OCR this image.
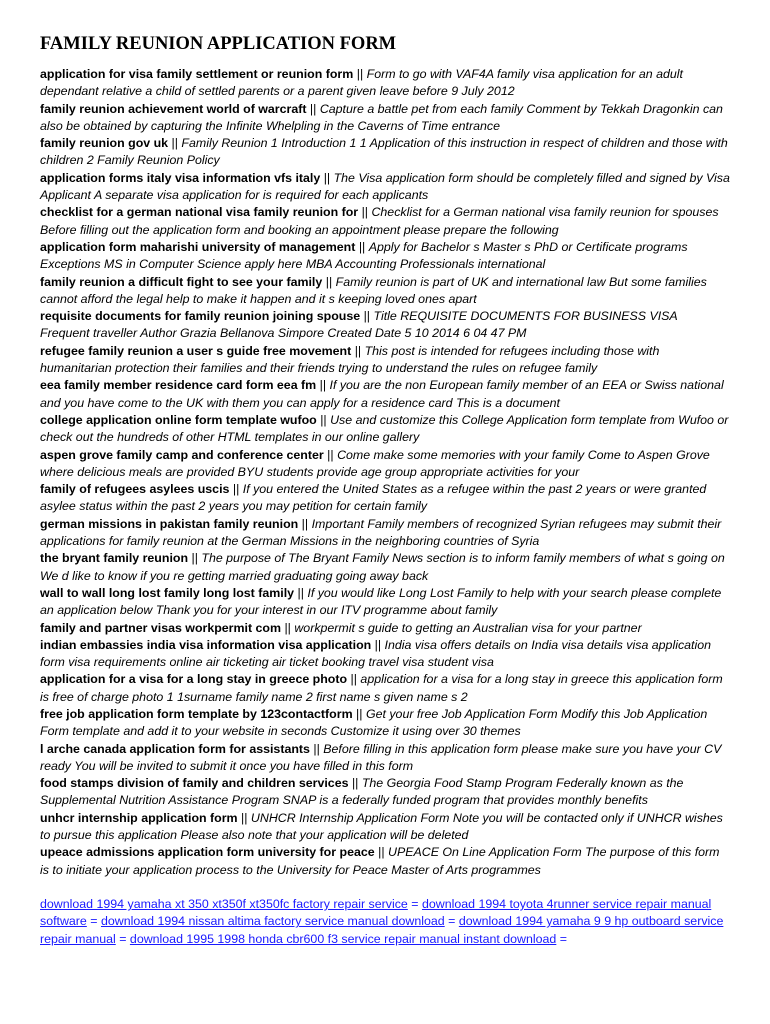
FAMILY REUNION APPLICATION FORM

application for visa family settlement or reunion form || Form to go with VAF4A family visa application for an adult dependant relative a child of settled parents or a parent given leave before 9 July 2012

family reunion achievement world of warcraft || Capture a battle pet from each family Comment by Tekkah Dragonkin can also be obtained by capturing the Infinite Whelpling in the Caverns of Time entrance

family reunion gov uk || Family Reunion 1 Introduction 1 1 Application of this instruction in respect of children and those with children 2 Family Reunion Policy

application forms italy visa information vfs italy || The Visa application form should be completely filled and signed by Visa Applicant A separate visa application for is required for each applicants

checklist for a german national visa family reunion for || Checklist for a German national visa family reunion for spouses Before filling out the application form and booking an appointment please prepare the following

application form maharishi university of management || Apply for Bachelor s Master s PhD or Certificate programs Exceptions MS in Computer Science apply here MBA Accounting Professionals international

family reunion a difficult fight to see your family || Family reunion is part of UK and international law But some families cannot afford the legal help to make it happen and it s keeping loved ones apart

requisite documents for family reunion joining spouse || Title REQUISITE DOCUMENTS FOR BUSINESS VISA Frequent traveller Author Grazia Bellanova Simpore Created Date 5 10 2014 6 04 47 PM

refugee family reunion a user s guide free movement || This post is intended for refugees including those with humanitarian protection their families and their friends trying to understand the rules on refugee family

eea family member residence card form eea fm || If you are the non European family member of an EEA or Swiss national and you have come to the UK with them you can apply for a residence card This is a document

college application online form template wufoo || Use and customize this College Application form template from Wufoo or check out the hundreds of other HTML templates in our online gallery

aspen grove family camp and conference center || Come make some memories with your family Come to Aspen Grove where delicious meals are provided BYU students provide age group appropriate activities for your

family of refugees asylees uscis || If you entered the United States as a refugee within the past 2 years or were granted asylee status within the past 2 years you may petition for certain family

german missions in pakistan family reunion || Important Family members of recognized Syrian refugees may submit their applications for family reunion at the German Missions in the neighboring countries of Syria

the bryant family reunion || The purpose of The Bryant Family News section is to inform family members of what s going on We d like to know if you re getting married graduating going away back

wall to wall long lost family long lost family || If you would like Long Lost Family to help with your search please complete an application below Thank you for your interest in our ITV programme about family

family and partner visas workpermit com || workpermit s guide to getting an Australian visa for your partner

indian embassies india visa information visa application || India visa offers details on India visa details visa application form visa requirements online air ticketing air ticket booking travel visa student visa

application for a visa for a long stay in greece photo || application for a visa for a long stay in greece this application form is free of charge photo 1 1surname family name 2 first name s given name s 2

free job application form template by 123contactform || Get your free Job Application Form Modify this Job Application Form template and add it to your website in seconds Customize it using over 30 themes

l arche canada application form for assistants || Before filling in this application form please make sure you have your CV ready You will be invited to submit it once you have filled in this form

food stamps division of family and children services || The Georgia Food Stamp Program Federally known as the Supplemental Nutrition Assistance Program SNAP is a federally funded program that provides monthly benefits

unhcr internship application form || UNHCR Internship Application Form Note you will be contacted only if UNHCR wishes to pursue this application Please also note that your application will be deleted

upeace admissions application form university for peace || UPEACE On Line Application Form The purpose of this form is to initiate your application process to the University for Peace Master of Arts programmes

download 1994 yamaha xt 350 xt350f xt350fc factory repair service = download 1994 toyota 4runner service repair manual software = download 1994 nissan altima factory service manual download = download 1994 yamaha 9 9 hp outboard service repair manual = download 1995 1998 honda cbr600 f3 service repair manual instant download =
